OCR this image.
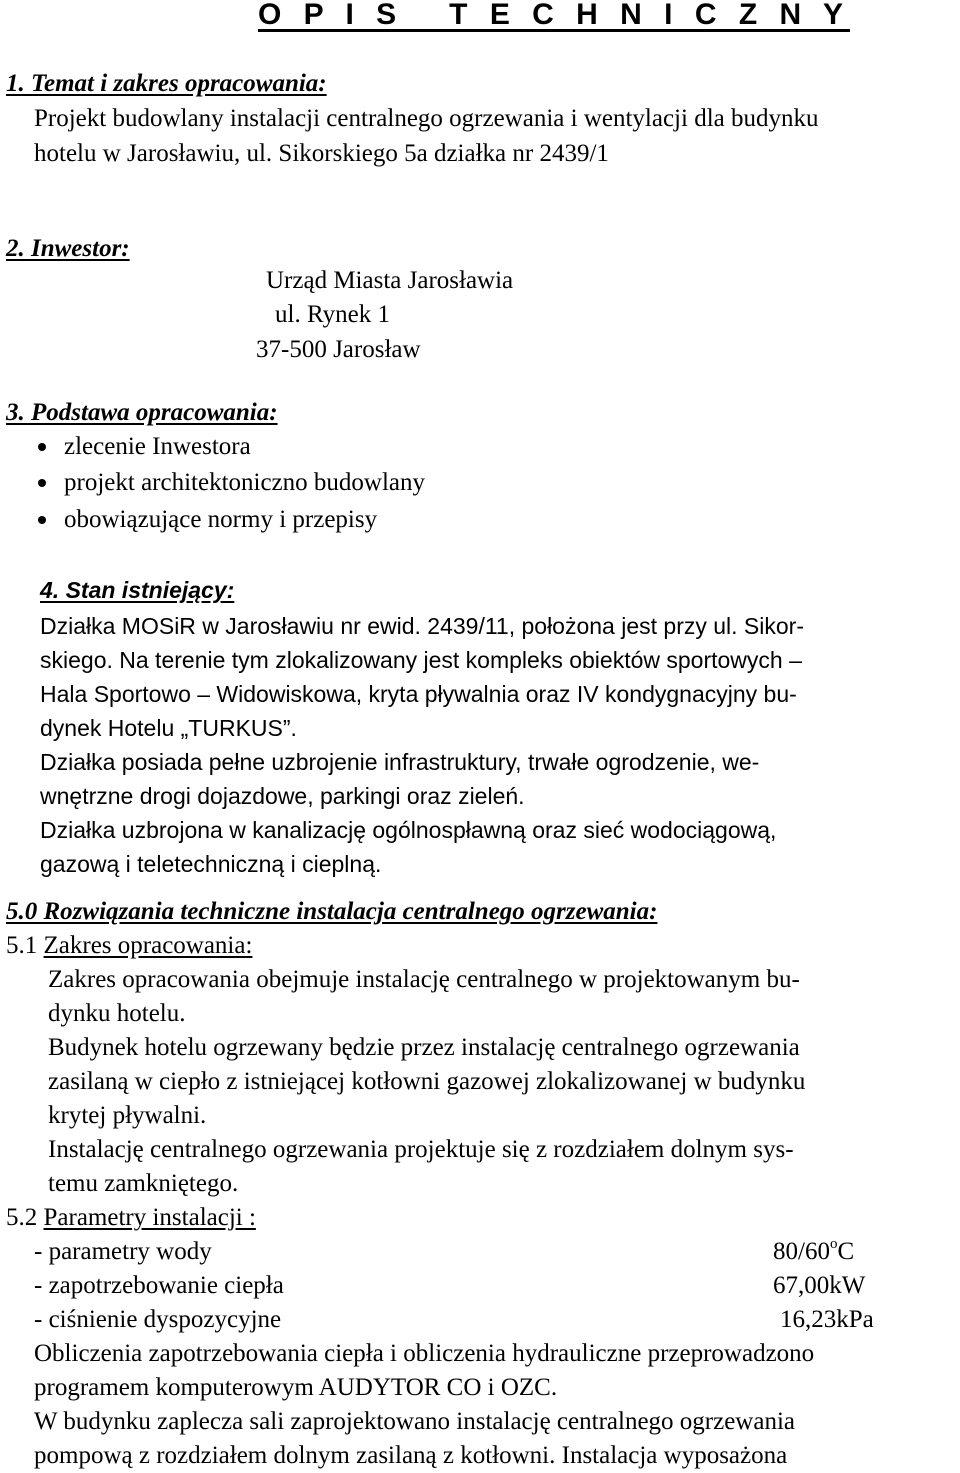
O P I S   T E C H N I C Z N Y
1. Temat i zakres opracowania:
Projekt budowlany instalacji centralnego ogrzewania i wentylacji dla budynku
hotelu w Jarosławiu, ul. Sikorskiego 5a działka nr 2439/1
2. Inwestor:
Urząd Miasta Jarosławia
ul. Rynek 1
37-500 Jarosław
3. Podstawa opracowania:
zlecenie Inwestora
projekt architektoniczno budowlany
obowiązujące normy i przepisy
4. Stan istniejący:
Działka MOSiR w Jarosławiu nr ewid. 2439/11, położona jest przy ul. Sikor-
skiego. Na terenie tym zlokalizowany jest kompleks obiektów sportowych –
Hala Sportowo – Widowiskowa, kryta pływalnia oraz IV kondygnacyjny bu-
dynek Hotelu „TURKUS”.
Działka posiada pełne uzbrojenie infrastruktury, trwałe ogrodzenie, we-
wnętrzne drogi dojazdowe, parkingi oraz zieleń.
Działka uzbrojona w kanalizację ogólnospławną oraz sieć wodociągową,
gazową i teletechniczną i cieplną.
5.0 Rozwiązania techniczne instalacja centralnego ogrzewania:
5.1 Zakres opracowania:
Zakres opracowania obejmuje instalację centralnego w projektowanym bu-
dynku hotelu.
Budynek hotelu ogrzewany będzie przez instalację centralnego ogrzewania
zasilaną w ciepło z istniejącej kotłowni gazowej zlokalizowanej w budynku
krytej pływalni.
Instalację centralnego ogrzewania projektuje się z rozdziałem dolnym sys-
temu zamkniętego.
5.2 Parametry instalacji :
- parametry wody	80/60$^o$C
- zapotrzebowanie ciepła	67,00kW
- ciśnienie dyspozycyjne	16,23kPa
Obliczenia zapotrzebowania ciepła i obliczenia hydrauliczne przeprowadzono
programem komputerowym AUDYTOR CO i OZC.
W budynku zaplecza sali zaprojektowano instalację centralnego ogrzewania
pompową z rozdziałem dolnym zasilaną z kotłowni. Instalacja wyposażona
